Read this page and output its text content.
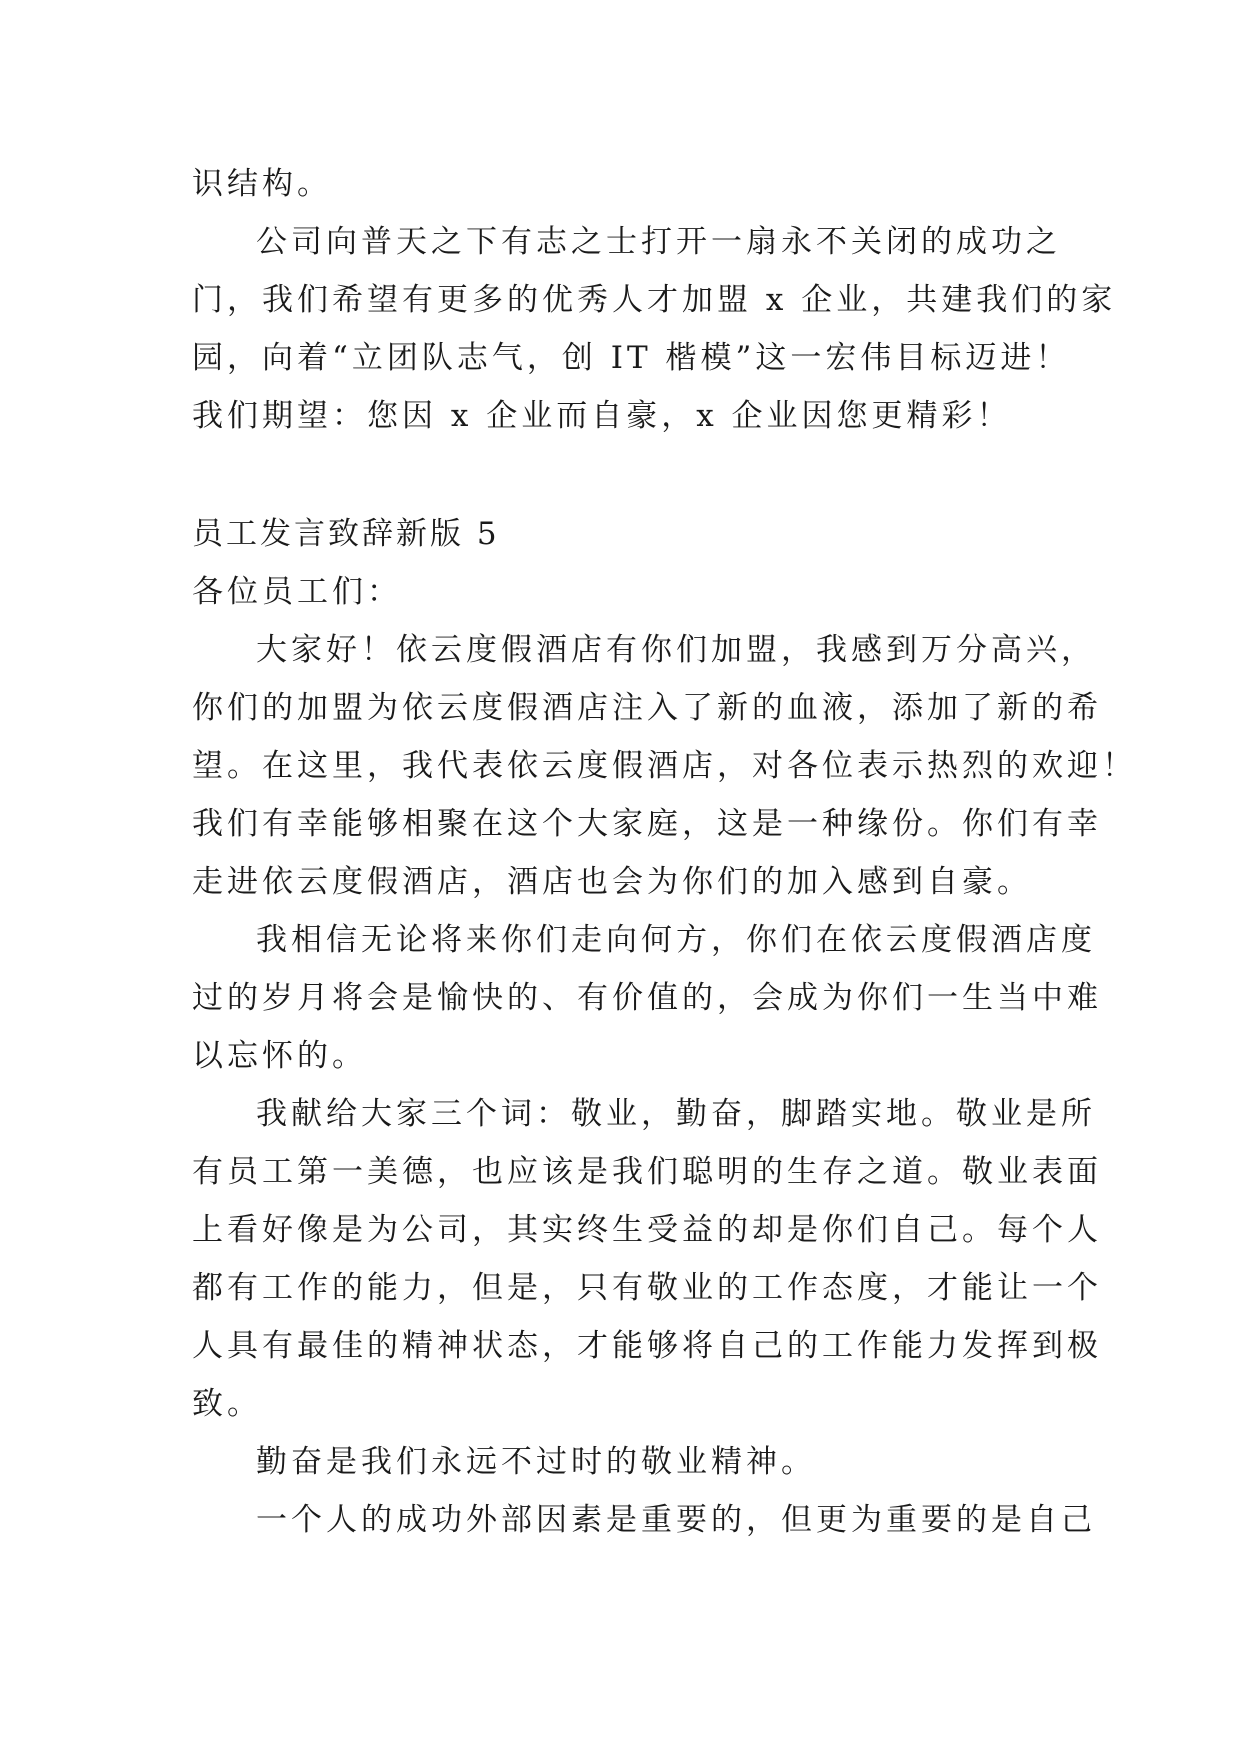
识结构。
公司向普天之下有志之士打开一扇永不关闭的成功之
门，我们希望有更多的优秀人才加盟 x 企业，共建我们的家
园，向着“立团队志气，创 IT 楷模”这一宏伟目标迈进！
我们期望：您因 x 企业而自豪，x 企业因您更精彩！
员工发言致辞新版 5
各位员工们：
大家好！依云度假酒店有你们加盟，我感到万分高兴，
你们的加盟为依云度假酒店注入了新的血液，添加了新的希
望。在这里，我代表依云度假酒店，对各位表示热烈的欢迎！
我们有幸能够相聚在这个大家庭，这是一种缘份。你们有幸
走进依云度假酒店，酒店也会为你们的加入感到自豪。
我相信无论将来你们走向何方，你们在依云度假酒店度
过的岁月将会是愉快的、有价值的，会成为你们一生当中难
以忘怀的。
我献给大家三个词：敬业，勤奋，脚踏实地。敬业是所
有员工第一美德，也应该是我们聪明的生存之道。敬业表面
上看好像是为公司，其实终生受益的却是你们自己。每个人
都有工作的能力，但是，只有敬业的工作态度，才能让一个
人具有最佳的精神状态，才能够将自己的工作能力发挥到极
致。
勤奋是我们永远不过时的敬业精神。
一个人的成功外部因素是重要的，但更为重要的是自己
